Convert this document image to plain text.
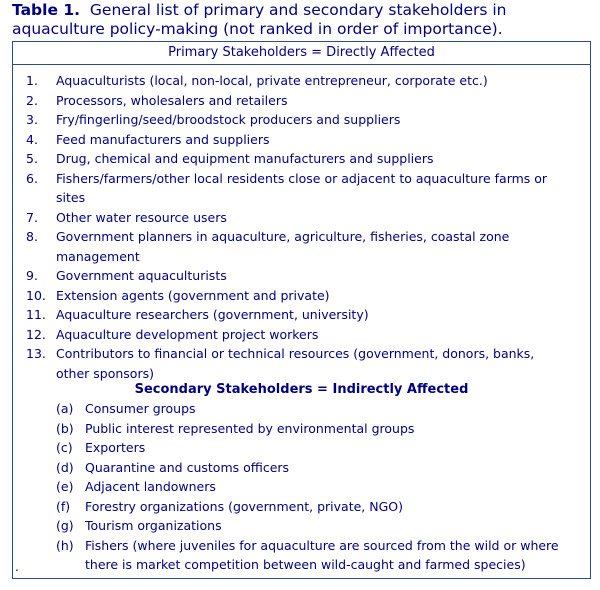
Table 1. General list of primary and secondary stakeholders in aquaculture policy-making (not ranked in order of importance).
Primary Stakeholders = Directly Affected
1.	Aquaculturists (local, non-local, private entrepreneur, corporate etc.)
2.	Processors, wholesalers and retailers
3.	Fry/fingerling/seed/broodstock producers and suppliers
4.	Feed manufacturers and suppliers
5.	Drug, chemical and equipment manufacturers and suppliers
6.	Fishers/farmers/other local residents close or adjacent to aquaculture farms or sites
7.	Other water resource users
8.	Government planners in aquaculture, agriculture, fisheries, coastal zone management
9.	Government aquaculturists
10. Extension agents (government and private)
11. Aquaculture researchers (government, university)
12. Aquaculture development project workers
13. Contributors to financial or technical resources (government, donors, banks, other sponsors)
Secondary Stakeholders = Indirectly Affected
(a) Consumer groups
(b) Public interest represented by environmental groups
(c) Exporters
(d) Quarantine and customs officers
(e) Adjacent landowners
(f)	Forestry organizations (government, private, NGO)
(g) Tourism organizations
(h) Fishers (where juveniles for aquaculture are sourced from the wild or where there is market competition between wild-caught and farmed species)
.
